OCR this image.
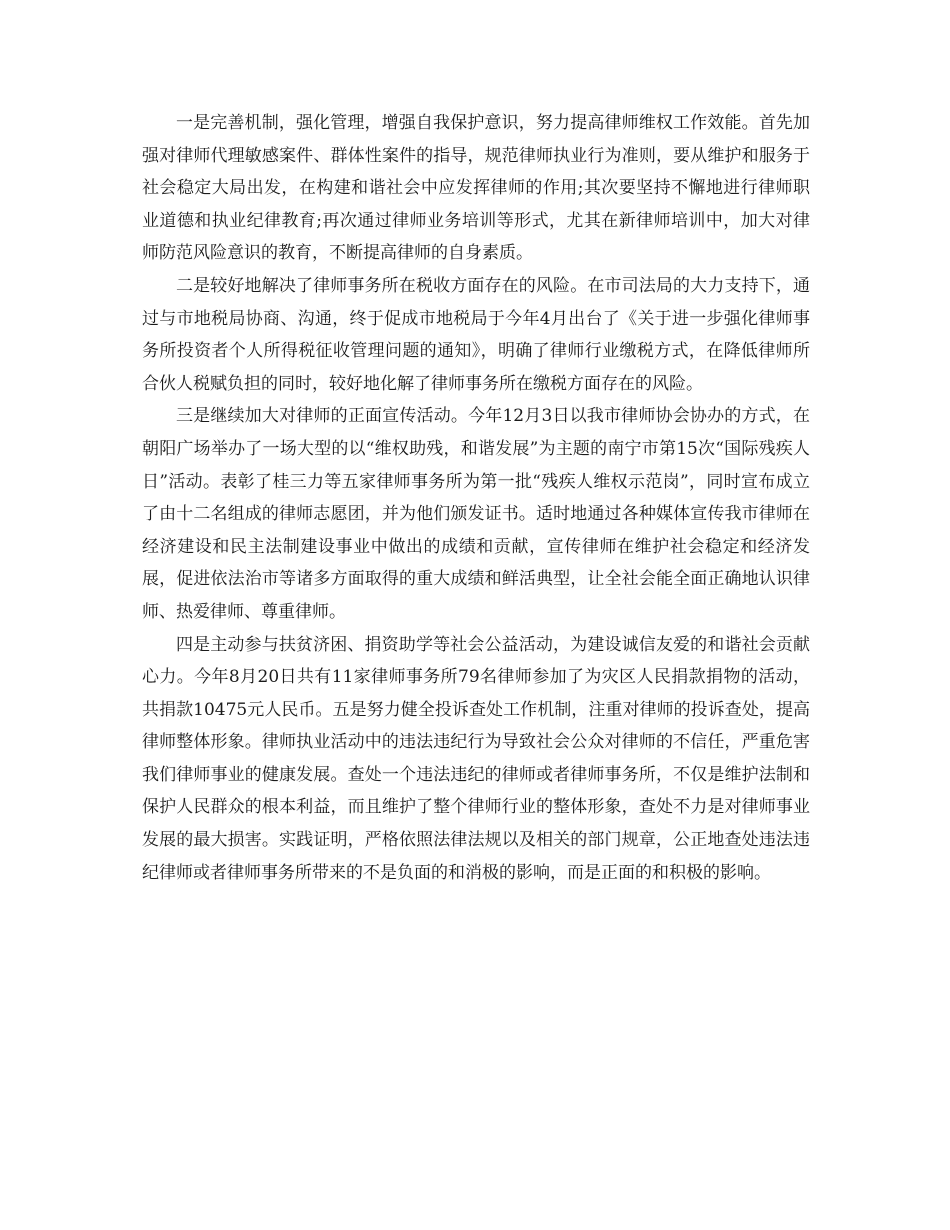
一是完善机制，强化管理，增强自我保护意识，努力提高律师维权工作效能。首先加强对律师代理敏感案件、群体性案件的指导，规范律师执业行为准则，要从维护和服务于社会稳定大局出发，在构建和谐社会中应发挥律师的作用;其次要坚持不懈地进行律师职业道德和执业纪律教育;再次通过律师业务培训等形式，尤其在新律师培训中，加大对律师防范风险意识的教育，不断提高律师的自身素质。

二是较好地解决了律师事务所在税收方面存在的风险。在市司法局的大力支持下，通过与市地税局协商、沟通，终于促成市地税局于今年4月出台了《关于进一步强化律师事务所投资者个人所得税征收管理问题的通知》，明确了律师行业缴税方式，在降低律师所合伙人税赋负担的同时，较好地化解了律师事务所在缴税方面存在的风险。

三是继续加大对律师的正面宣传活动。今年12月3日以我市律师协会协办的方式，在朝阳广场举办了一场大型的以“维权助残，和谐发展”为主题的南宁市第15次“国际残疾人日”活动。表彰了桂三力等五家律师事务所为第一批“残疾人维权示范岗”，同时宣布成立了由十二名组成的律师志愿团，并为他们颁发证书。适时地通过各种媒体宣传我市律师在经济建设和民主法制建设事业中做出的成绩和贡献，宣传律师在维护社会稳定和经济发展，促进依法治市等诸多方面取得的重大成绩和鲜活典型，让全社会能全面正确地认识律师、热爱律师、尊重律师。

四是主动参与扶贫济困、捐资助学等社会公益活动，为建设诚信友爱的和谐社会贡献心力。今年8月20日共有11家律师事务所79名律师参加了为灾区人民捐款捐物的活动，共捐款10475元人民币。五是努力健全投诉查处工作机制，注重对律师的投诉查处，提高律师整体形象。律师执业活动中的违法违纪行为导致社会公众对律师的不信任，严重危害我们律师事业的健康发展。查处一个违法违纪的律师或者律师事务所，不仅是维护法制和保护人民群众的根本利益，而且维护了整个律师行业的整体形象，查处不力是对律师事业发展的最大损害。实践证明，严格依照法律法规以及相关的部门规章，公正地查处违法违纪律师或者律师事务所带来的不是负面的和消极的影响，而是正面的和积极的影响。
